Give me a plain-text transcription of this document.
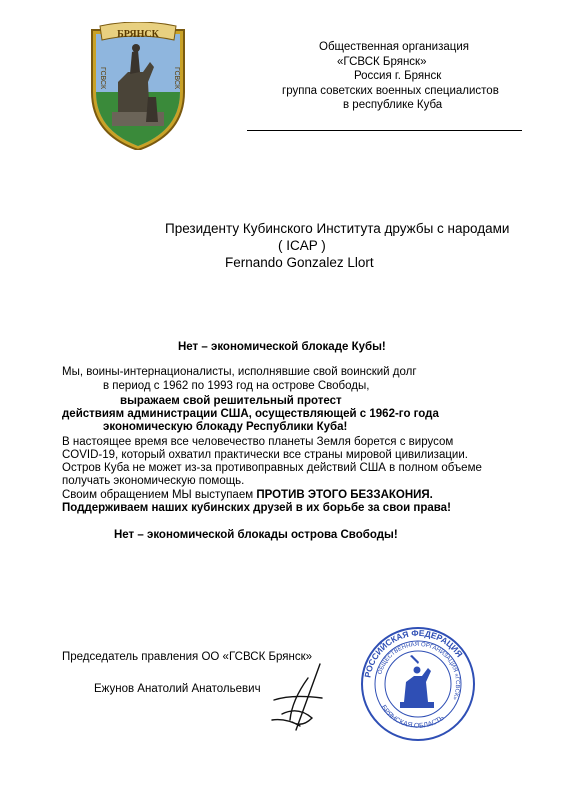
БРЯНСК
ГСВСК	ГСВСК
Общественная организация
«ГСВСК Брянск»
Россия г. Брянск
группа советских военных специалистов
в республике Куба
Президенту Кубинского Института дружбы с народами
( ICAP )
Fernando Gonzalez Llort
Нет – экономической блокаде Кубы!
Мы, воины-интернационалисты, исполнявшие свой воинский долг
в период с 1962 по 1993 год на острове Свободы,
выражаем свой решительный протест
действиям администрации США, осуществляющей с 1962-го года
экономическую блокаду Республики Куба!
В настоящее время все человечество планеты Земля борется с вирусом
COVID-19, который охватил практически все страны мировой цивилизации.
Остров Куба не может из-за противоправных действий США в полном объеме
получать экономическую помощь.
Своим обращением МЫ выступаем ПРОТИВ ЭТОГО БЕЗЗАКОНИЯ.
Поддерживаем наших кубинских друзей в их борьбе за свои права!
Нет – экономической блокады острова Свободы!
Председатель правления ОО «ГСВСК Брянск»
Ежунов Анатолий Анатольевич
РОССИЙСКАЯ ФЕДЕРАЦИЯ
ОБЩЕСТВЕННАЯ ОРГАНИЗАЦИЯ «ГСВСК»
БРЯНСКАЯ ОБЛАСТЬ
